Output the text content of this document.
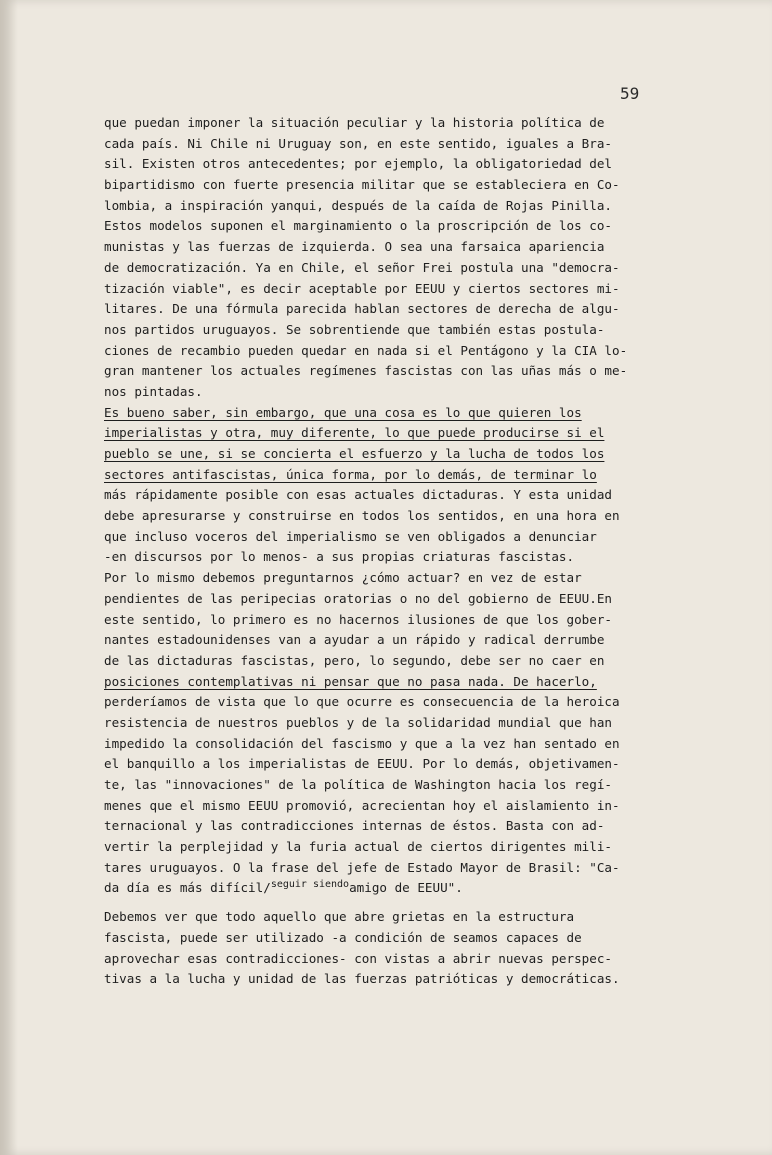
59
que puedan imponer la situación peculiar y la historia política de
cada país. Ni Chile ni Uruguay son, en este sentido, iguales a Bra-
sil. Existen otros antecedentes; por ejemplo, la obligatoriedad del
bipartidismo con fuerte presencia militar que se estableciera en Co-
lombia, a inspiración yanqui, después de la caída de Rojas Pinilla.
Estos modelos suponen el marginamiento o la proscripción de los co-
munistas y las fuerzas de izquierda. O sea una farsaica apariencia
de democratización. Ya en Chile, el señor Frei postula una "democra-
tización viable", es decir aceptable por EEUU y ciertos sectores mi-
litares. De una fórmula parecida hablan sectores de derecha de algu-
nos partidos uruguayos. Se sobrentiende que también estas postula-
ciones de recambio pueden quedar en nada si el Pentágono y la CIA lo-
gran mantener los actuales regímenes fascistas con las uñas más o me-
nos pintadas.
Es bueno saber, sin embargo, que una cosa es lo que quieren los
imperialistas y otra, muy diferente, lo que puede producirse si el
pueblo se une, si se concierta el esfuerzo y la lucha de todos los
sectores antifascistas, única forma, por lo demás, de terminar lo
más rápidamente posible con esas actuales dictaduras. Y esta unidad
debe apresurarse y construirse en todos los sentidos, en una hora en
que incluso voceros del imperialismo se ven obligados a denunciar
-en discursos por lo menos- a sus propias criaturas fascistas.
Por lo mismo debemos preguntarnos ¿cómo actuar? en vez de estar
pendientes de las peripecias oratorias o no del gobierno de EEUU.En
este sentido, lo primero es no hacernos ilusiones de que los gober-
nantes estadounidenses van a ayudar a un rápido y radical derrumbe
de las dictaduras fascistas, pero, lo segundo, debe ser no caer en
posiciones contemplativas ni pensar que no pasa nada. De hacerlo,
perderíamos de vista que lo que ocurre es consecuencia de la heroica
resistencia de nuestros pueblos y de la solidaridad mundial que han
impedido la consolidación del fascismo y que a la vez han sentado en
el banquillo a los imperialistas de EEUU. Por lo demás, objetivamen-
te, las "innovaciones" de la política de Washington hacia los regí-
menes que el mismo EEUU promovió, acrecientan hoy el aislamiento in-
ternacional y las contradicciones internas de éstos. Basta con ad-
vertir la perplejidad y la furia actual de ciertos dirigentes mili-
tares uruguayos. O la frase del jefe de Estado Mayor de Brasil: "Ca-
da día es más difícil/$^{seguir siendo}$amigo de EEUU".
Debemos ver que todo aquello que abre grietas en la estructura
fascista, puede ser utilizado -a condición de seamos capaces de
aprovechar esas contradicciones- con vistas a abrir nuevas perspec-
tivas a la lucha y unidad de las fuerzas patrióticas y democráticas.
